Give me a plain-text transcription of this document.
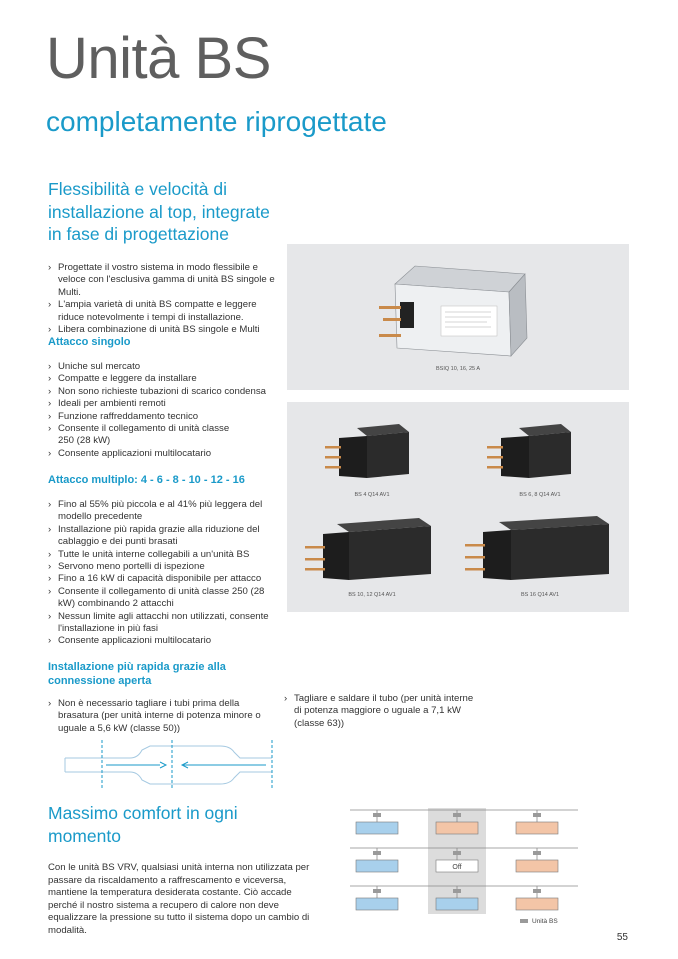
Unità BS
completamente riprogettate
Flessibilità e velocità di
installazione al top, integrate
in fase di progettazione
› Progettate il vostro sistema in modo flessibile e veloce con l'esclusiva gamma di unità BS singole e Multi.
› L'ampia varietà di unità BS compatte e leggere riduce notevolmente i tempi di installazione.
› Libera combinazione di unità BS singole e Multi
Attacco singolo
› Uniche sul mercato
› Compatte e leggere da installare
› Non sono richieste tubazioni di scarico condensa
› Ideali per ambienti remoti
› Funzione raffreddamento tecnico
› Consente il collegamento di unità classe 250 (28 kW)
› Consente applicazioni multilocatario
Attacco multiplo: 4 - 6 - 8 - 10 - 12 - 16
› Fino al 55% più piccola e al 41% più leggera del modello precedente
› Installazione più rapida grazie alla riduzione del cablaggio e dei punti brasati
› Tutte le unità interne collegabili a un'unità BS
› Servono meno portelli di ispezione
› Fino a 16 kW di capacità disponibile per attacco
› Consente il collegamento di unità classe 250 (28 kW) combinando 2 attacchi
› Nessun limite agli attacchi non utilizzati, consente l'installazione in più fasi
› Consente applicazioni multilocatario
Installazione più rapida grazie alla
connessione aperta
› Non è necessario tagliare i tubi prima della brasatura (per unità interne di potenza minore o uguale a 5,6 kW (classe 50))
› Tagliare e saldare il tubo (per unità interne di potenza maggiore o uguale a 7,1 kW (classe 63))
Massimo comfort in ogni
momento
Con le unità BS VRV, qualsiasi unità interna non utilizzata per passare da riscaldamento a raffrescamento e viceversa, mantiene la temperatura desiderata costante. Ciò accade perché il nostro sistema a recupero di calore non deve equalizzare la pressione su tutto il sistema dopo un cambio di modalità.
Off
Unità BS
BSIQ 10, 16, 25 A
BS 4 Q14 AV1	BS 6, 8 Q14 AV1
BS 10, 12 Q14 AV1	BS 16 Q14 AV1
55
